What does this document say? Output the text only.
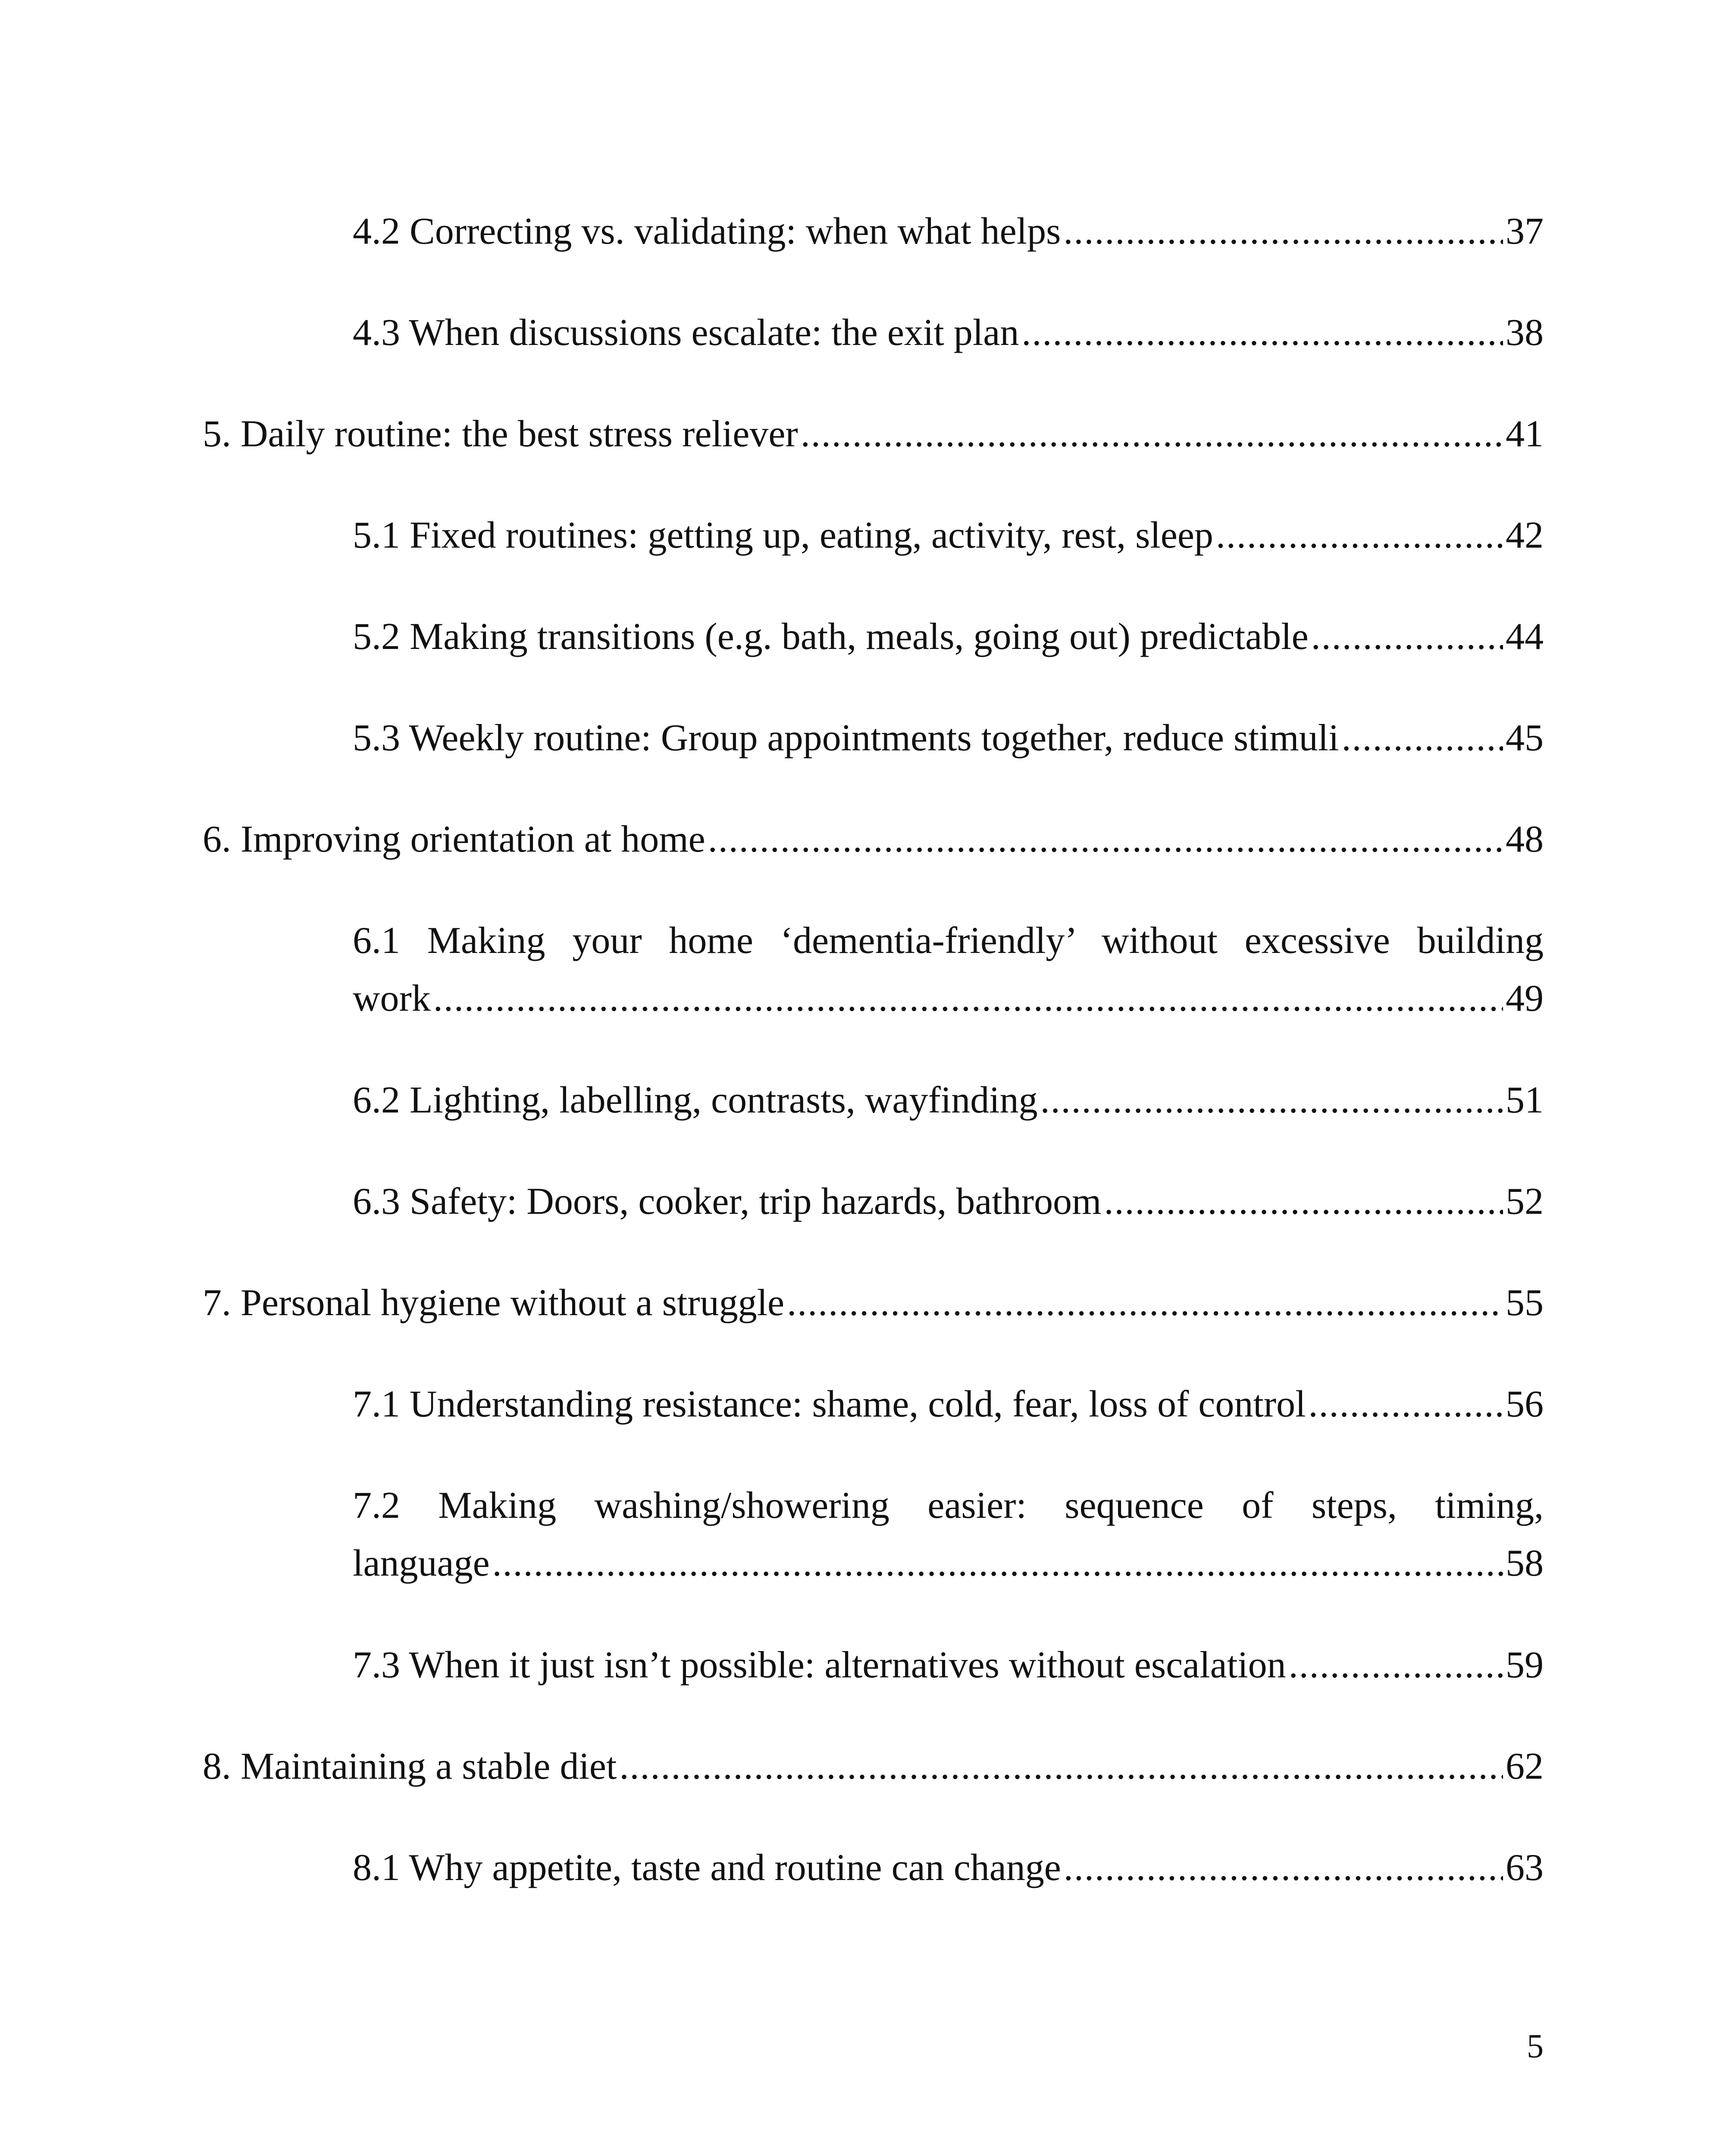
4.2 Correcting vs. validating: when what helps .....	37
4.3 When discussions escalate: the exit plan .....	38
5. Daily routine: the best stress reliever .....	41
5.1 Fixed routines: getting up, eating, activity, rest, sleep .....	42
5.2 Making transitions (e.g. bath, meals, going out) predictable .....	44
5.3 Weekly routine: Group appointments together, reduce stimuli .....	45
6. Improving orientation at home .....	48
6.1 Making your home ‘dementia-friendly’ without excessive building
work .....	49
6.2 Lighting, labelling, contrasts, wayfinding .....	51
6.3 Safety: Doors, cooker, trip hazards, bathroom .....	52
7. Personal hygiene without a struggle .....	55
7.1 Understanding resistance: shame, cold, fear, loss of control .....	56
7.2 Making washing/showering easier: sequence of steps, timing,
language .....	58
7.3 When it just isn’t possible: alternatives without escalation .....	59
8. Maintaining a stable diet .....	62
8.1 Why appetite, taste and routine can change .....	63
5
